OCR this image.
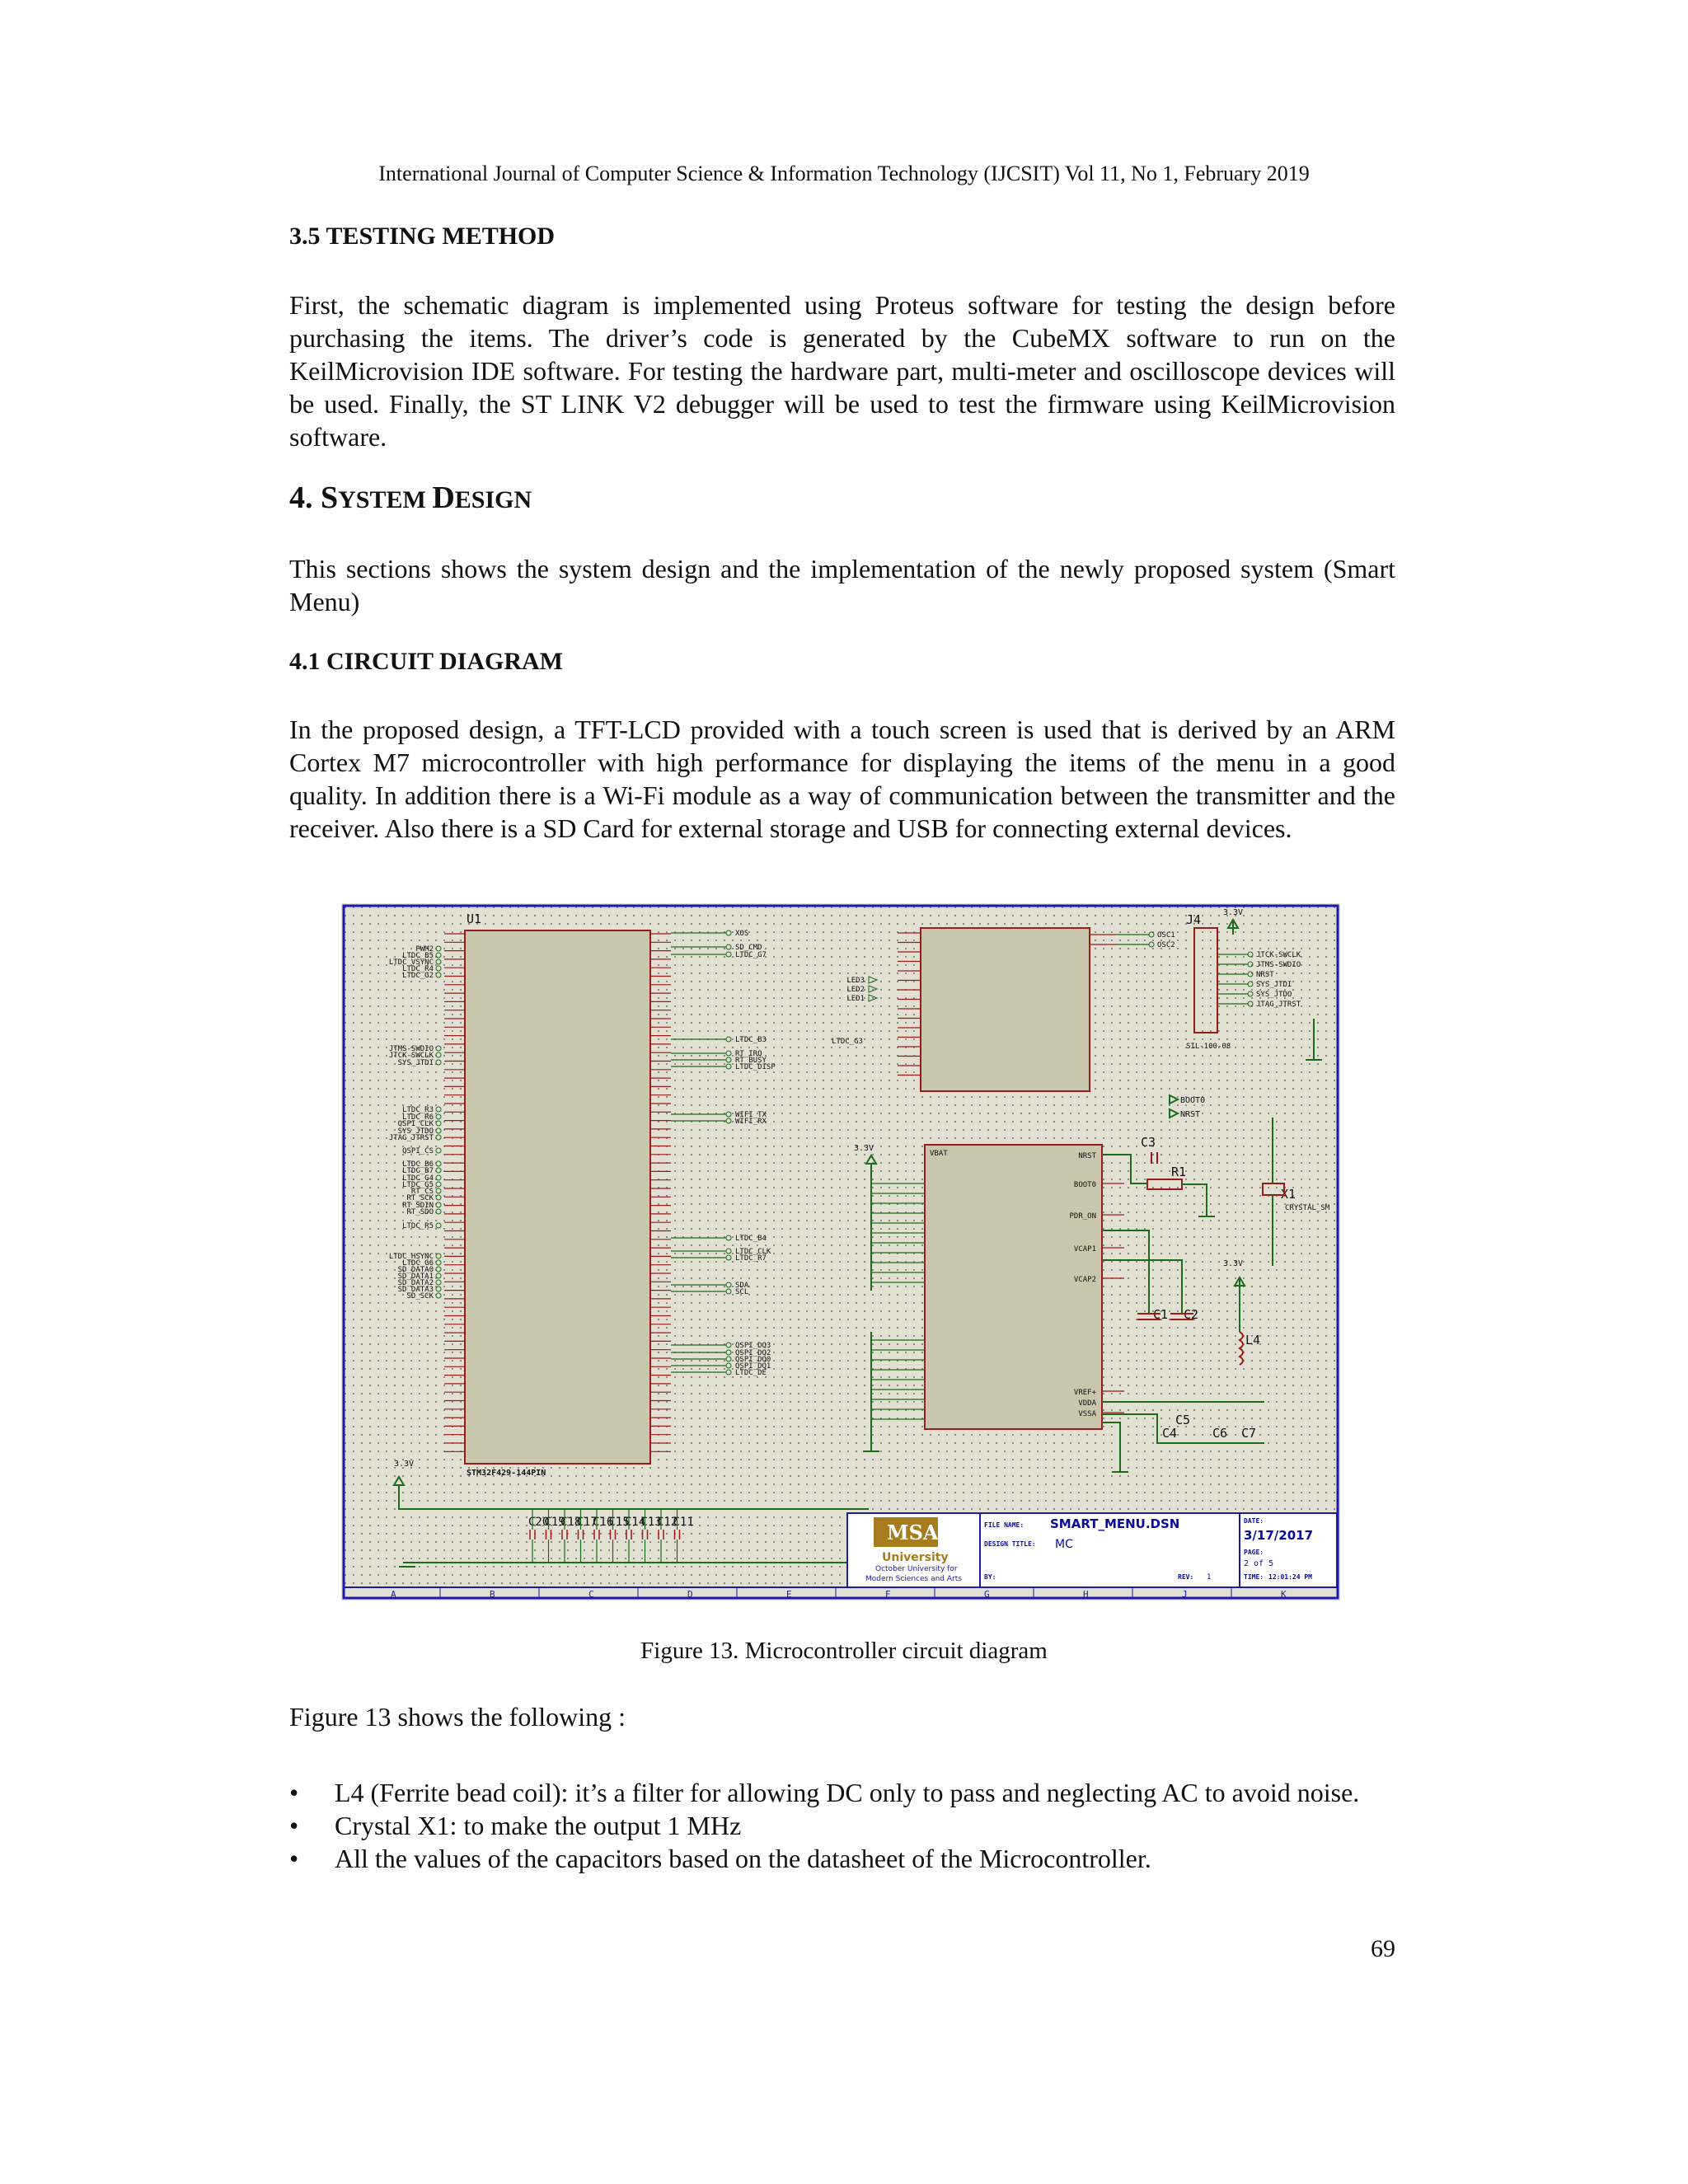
International Journal of Computer Science & Information Technology (IJCSIT) Vol 11, No 1, February 2019
3.5 TESTING METHOD
First, the schematic diagram is implemented using Proteus software for testing the design before purchasing the items. The driver’s code is generated by the CubeMX software to run on the KeilMicrovision IDE software. For testing the hardware part, multi-meter and oscilloscope devices will be used. Finally, the ST LINK V2 debugger will be used to test the firmware using KeilMicrovision software.
4. SYSTEM DESIGN
This sections shows the system design and the implementation of the newly proposed system (Smart Menu)
4.1 CIRCUIT DIAGRAM
In the proposed design, a TFT-LCD provided with a touch screen is used that is derived by an ARM Cortex M7 microcontroller with high performance for displaying the items of the menu in a good quality. In addition there is a Wi-Fi module as a way of communication between the transmitter and the receiver. Also there is a SD Card for external storage and USB for connecting external devices.
A	B	C	D	E	F	G	H	J	K
U1
STM32F429-144PIN
PWM2
LTDC_B5
LTDC_VSYNC
LTDC_R4
LTDC_G2
JTMS-SWDIO
JTCK-SWCLK
SYS_JTDI
LTDC_R3
LTDC_R6
QSPI_CLK
SYS_JTDO
JTAG_JTRST
QSPI_CS
LTDC_B6
LTDC_B7
LTDC_G4
LTDC_G5
RT_CS
RT_SCK
RT_SDIN
RT_SDO
LTDC_R5
LTDC_HSYNC
LTDC_G6
SD_DATA0
SD_DATA1
SD_DATA2
SD_DATA3
SD_SCK
XOS
SD_CMD
LTDC_G7
LTDC_B3
RT_IRQ
RT_BUSY
LTDC_DISP
WIFI_TX
WIFI_RX
LTDC_B4
LTDC_CLK
LTDC_R7
SDA
SCL
QSPI_DQ3
QSPI_DQ2
QSPI_DQ0
QSPI_DQ1
LTDC_DE
LED3
LED2
LED1
LTDC_G3
OSC1
OSC2
VBAT	NRST
BOOT0
PDR_ON
VCAP1
VCAP2
VREF+
VDDA
VSSA
J4
SIL-100-08
JTCK-SWCLK
JTMS-SWDIO
NRST
SYS_JTDI
SYS_JTDO
JTAG_JTRST
3.3V
BOOT0
NRST
C3
R1
X1
CRYSTAL_SM
C1 C2
L4
3.3V
C5
C4	C6 C7
3.3V
3.3V
C20
C19
C18
C17
C16
C15
C14
C13
C12
C11	MSA
University
October University for
Modern Sciences and Arts
FILE NAME: SMART_MENU.DSN
DESIGN TITLE: MC
BY:	REV: 1
DATE:
3/17/2017
PAGE:
2 of 5
TIME: 12:01:24 PM
Figure 13. Microcontroller circuit diagram
Figure 13 shows the following :
• L4 (Ferrite bead coil): it’s a filter for allowing DC only to pass and neglecting AC to avoid noise.
• Crystal X1: to make the output 1 MHz
• All the values of the capacitors based on the datasheet of the Microcontroller.
69
